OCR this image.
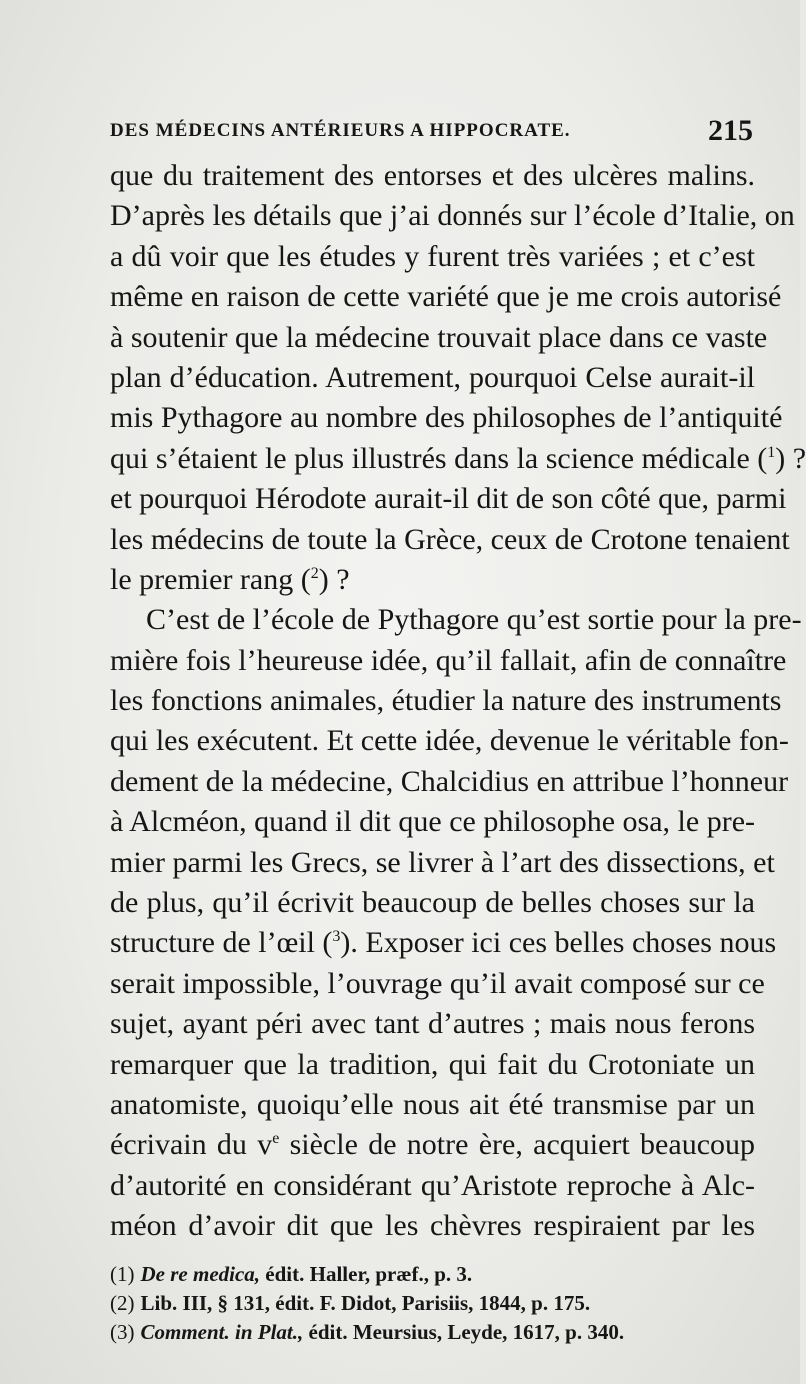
DES MÉDECINS ANTÉRIEURS A HIPPOCRATE.	215
que du traitement des entorses et des ulcères malins.
D’après les détails que j’ai donnés sur l’école d’Italie, on
a dû voir que les études y furent très variées ; et c’est
même en raison de cette variété que je me crois autorisé
à soutenir que la médecine trouvait place dans ce vaste
plan d’éducation. Autrement, pourquoi Celse aurait-il
mis Pythagore au nombre des philosophes de l’antiquité
qui s’étaient le plus illustrés dans la science médicale ($^1$) ?
et pourquoi Hérodote aurait-il dit de son côté que, parmi
les médecins de toute la Grèce, ceux de Crotone tenaient
le premier rang ($^2$) ?
C’est de l’école de Pythagore qu’est sortie pour la pre-
mière fois l’heureuse idée, qu’il fallait, afin de connaître
les fonctions animales, étudier la nature des instruments
qui les exécutent. Et cette idée, devenue le véritable fon-
dement de la médecine, Chalcidius en attribue l’honneur
à Alcméon, quand il dit que ce philosophe osa, le pre-
mier parmi les Grecs, se livrer à l’art des dissections, et
de plus, qu’il écrivit beaucoup de belles choses sur la
structure de l’œil ($^3$). Exposer ici ces belles choses nous
serait impossible, l’ouvrage qu’il avait composé sur ce
sujet, ayant péri avec tant d’autres ; mais nous ferons
remarquer que la tradition, qui fait du Crotoniate un
anatomiste, quoiqu’elle nous ait été transmise par un
écrivain du $v^e$ siècle de notre ère, acquiert beaucoup
d’autorité en considérant qu’Aristote reproche à Alc-
méon d’avoir dit que les chèvres respiraient par les
(1) De re medica, édit. Haller, præf., p. 3.
(2) Lib. III, § 131, édit. F. Didot, Parisiis, 1844, p. 175.
(3) Comment. in Plat., édit. Meursius, Leyde, 1617, p. 340.
